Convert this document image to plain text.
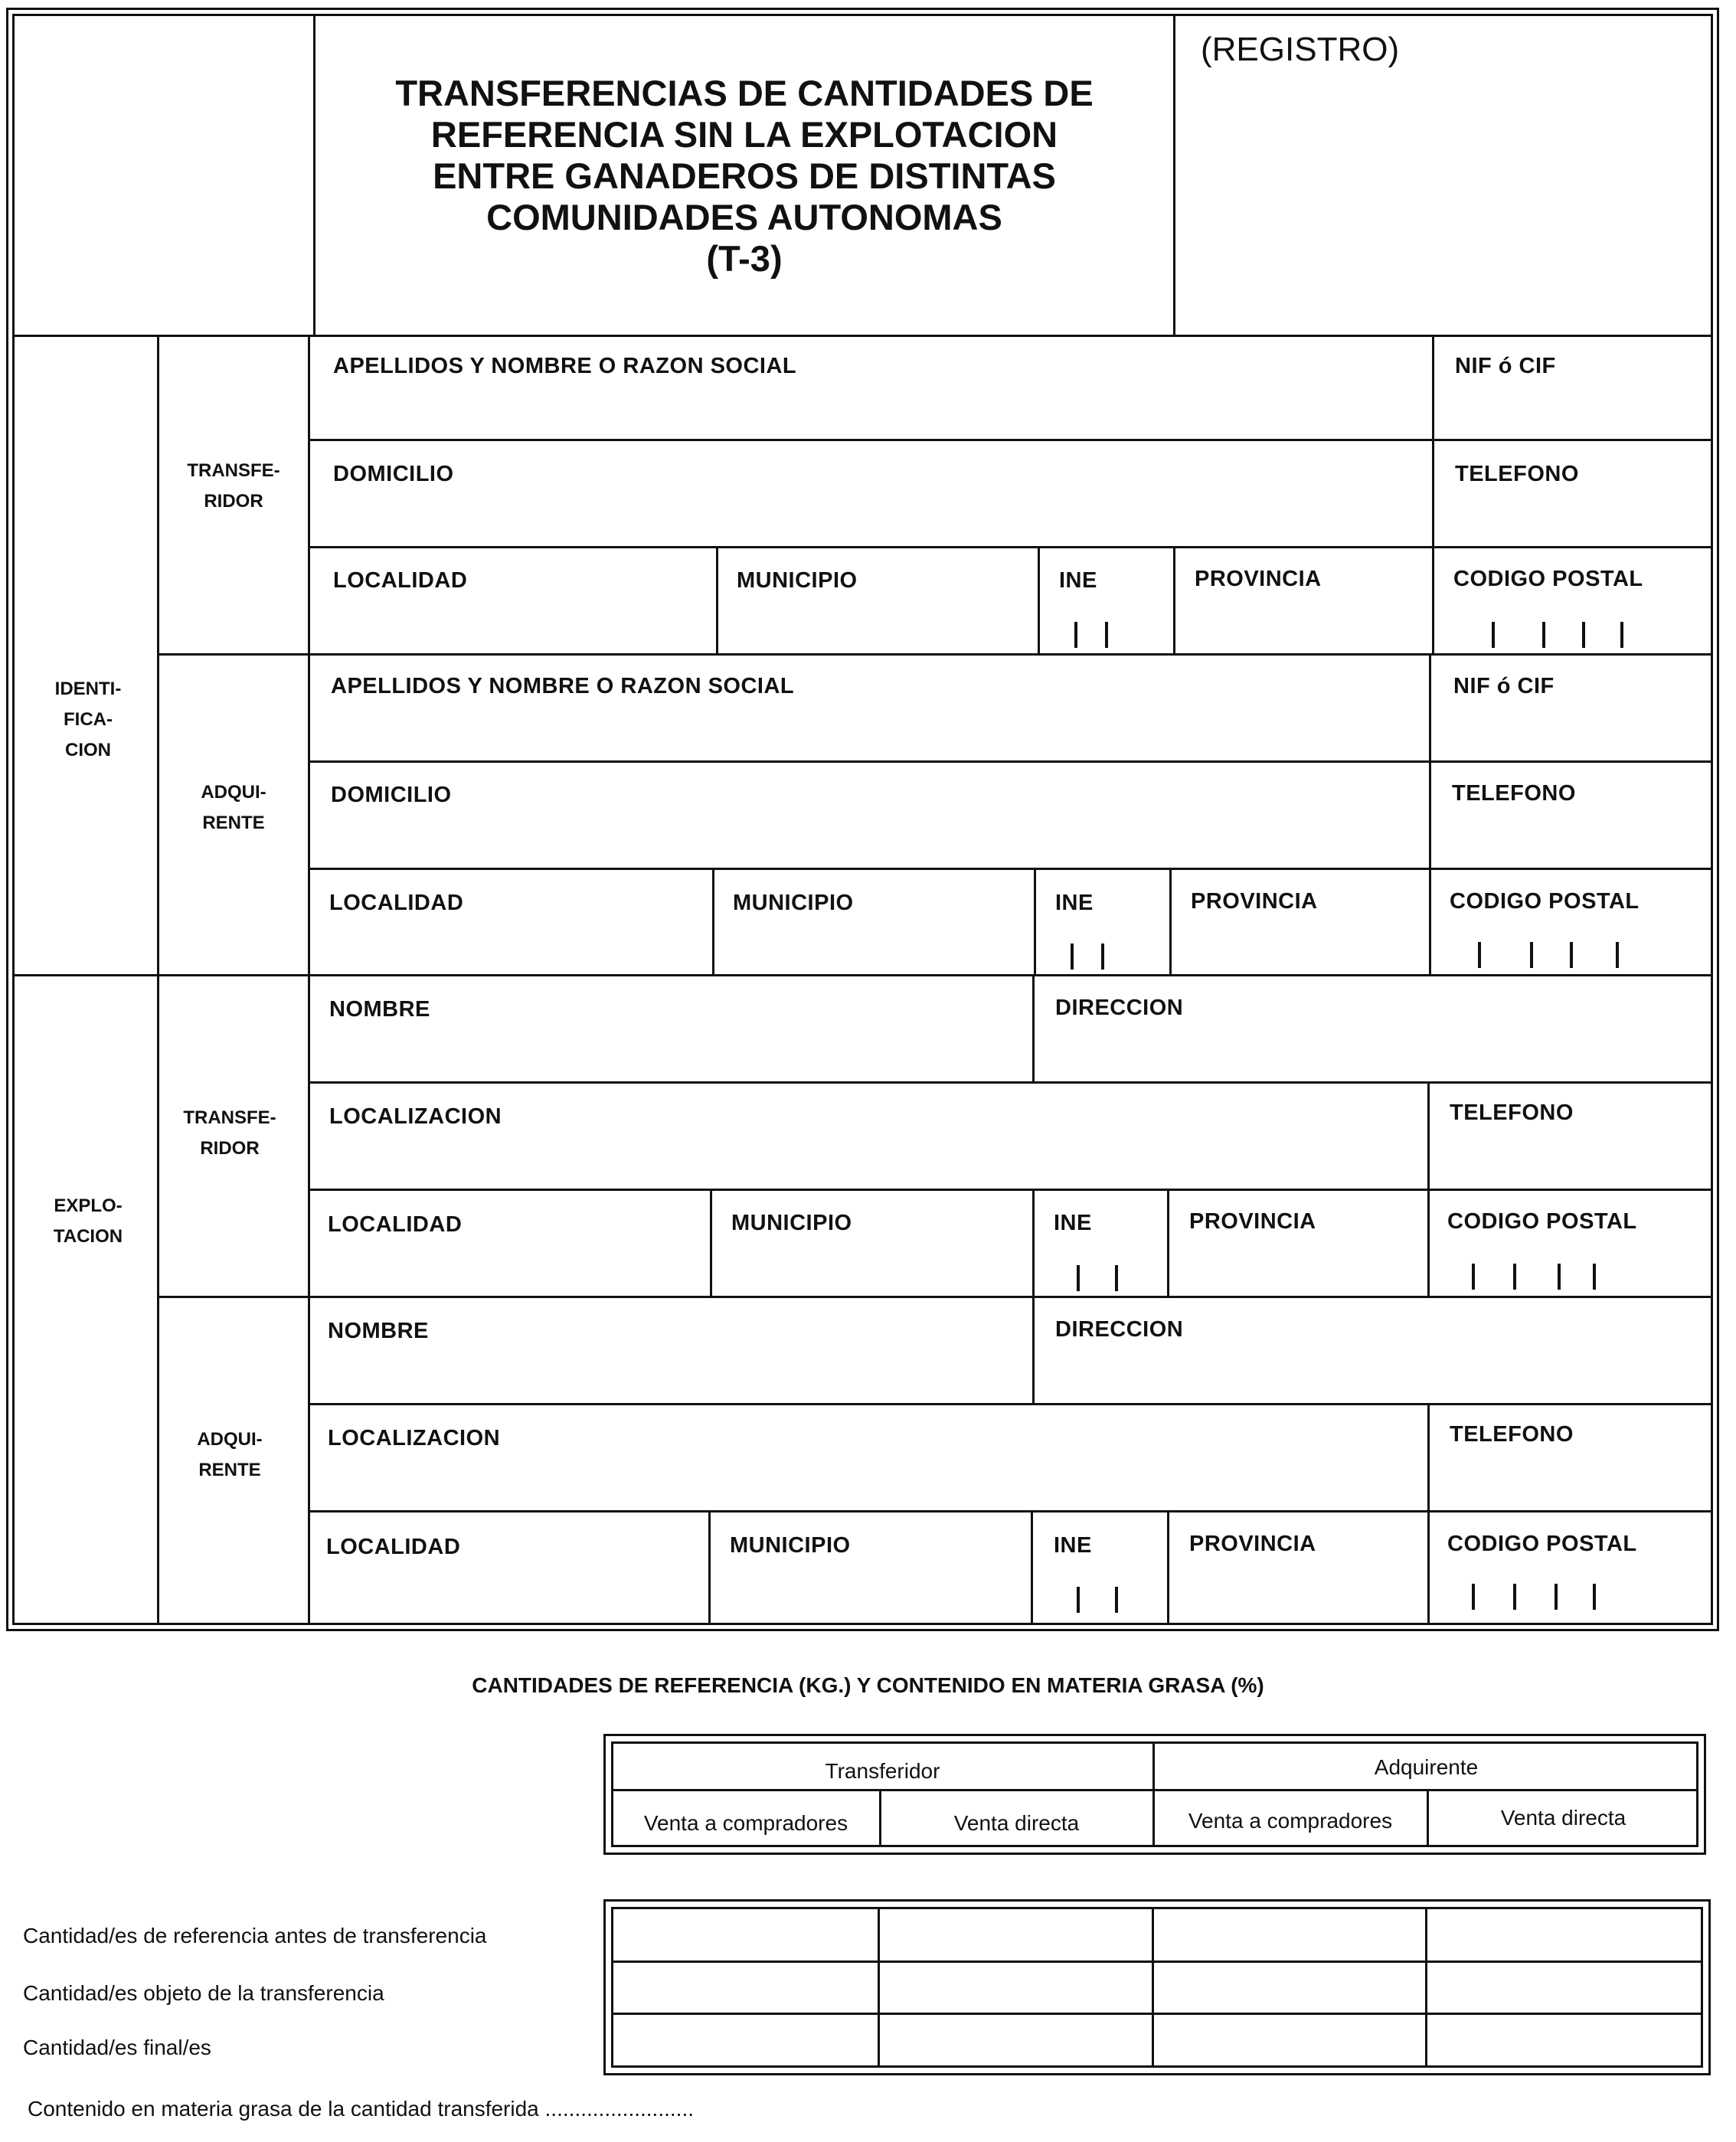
TRANSFERENCIAS DE CANTIDADES DE
REFERENCIA SIN LA EXPLOTACION
ENTRE GANADEROS DE DISTINTAS
COMUNIDADES AUTONOMAS
(T-3)
(REGISTRO)
IDENTI-
FICA-
CION
EXPLO-
TACION
TRANSFE-
RIDOR
ADQUI-
RENTE
TRANSFE-
RIDOR
ADQUI-
RENTE
APELLIDOS Y NOMBRE O RAZON SOCIAL	NIF ó CIF
DOMICILIO	TELEFONO
LOCALIDAD	MUNICIPIO	INE	PROVINCIA	CODIGO POSTAL
APELLIDOS Y NOMBRE O RAZON SOCIAL	NIF ó CIF
DOMICILIO	TELEFONO
LOCALIDAD	MUNICIPIO	INE	PROVINCIA	CODIGO POSTAL
NOMBRE	DIRECCION
LOCALIZACION	TELEFONO
LOCALIDAD	MUNICIPIO	INE	PROVINCIA	CODIGO POSTAL
NOMBRE	DIRECCION
LOCALIZACION	TELEFONO
LOCALIDAD	MUNICIPIO	INE	PROVINCIA	CODIGO POSTAL
CANTIDADES DE REFERENCIA (KG.) Y CONTENIDO EN MATERIA GRASA (%)
Transferidor	Adquirente
Venta a compradores	Venta directa	Venta a compradores	Venta directa
Cantidad/es de referencia antes de transferencia
Cantidad/es objeto de la transferencia
Cantidad/es final/es
Contenido en materia grasa de la cantidad transferida .........................
